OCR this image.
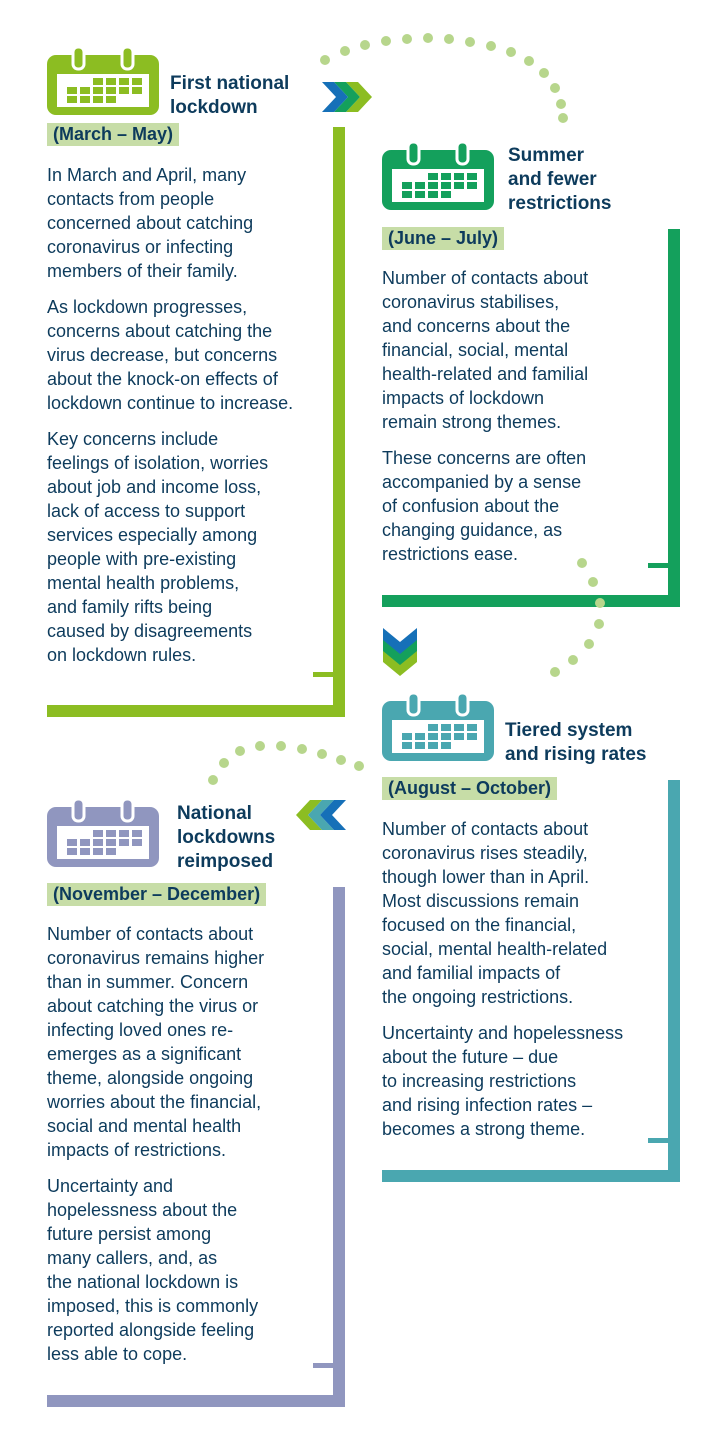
First national
lockdown
(March – May)

In March and April, many
contacts from people
concerned about catching
coronavirus or infecting
members of their family.

As lockdown progresses,
concerns about catching the
virus decrease, but concerns
about the knock-on effects of
lockdown continue to increase.

Key concerns include
feelings of isolation, worries
about job and income loss,
lack of access to support
services especially among
people with pre-existing
mental health problems,
and family rifts being
caused by disagreements
on lockdown rules.

Summer
and fewer
restrictions
(June – July)

Number of contacts about
coronavirus stabilises,
and concerns about the
financial, social, mental
health-related and familial
impacts of lockdown
remain strong themes.

These concerns are often
accompanied by a sense
of confusion about the
changing guidance, as
restrictions ease.

Tiered system
and rising rates
(August – October)

Number of contacts about
coronavirus rises steadily,
though lower than in April.
Most discussions remain
focused on the financial,
social, mental health-related
and familial impacts of
the ongoing restrictions.

Uncertainty and hopelessness
about the future – due
to increasing restrictions
and rising infection rates –
becomes a strong theme.

National
lockdowns
reimposed
(November – December)

Number of contacts about
coronavirus remains higher
than in summer. Concern
about catching the virus or
infecting loved ones re-
emerges as a significant
theme, alongside ongoing
worries about the financial,
social and mental health
impacts of restrictions.

Uncertainty and
hopelessness about the
future persist among
many callers, and, as
the national lockdown is
imposed, this is commonly
reported alongside feeling
less able to cope.
